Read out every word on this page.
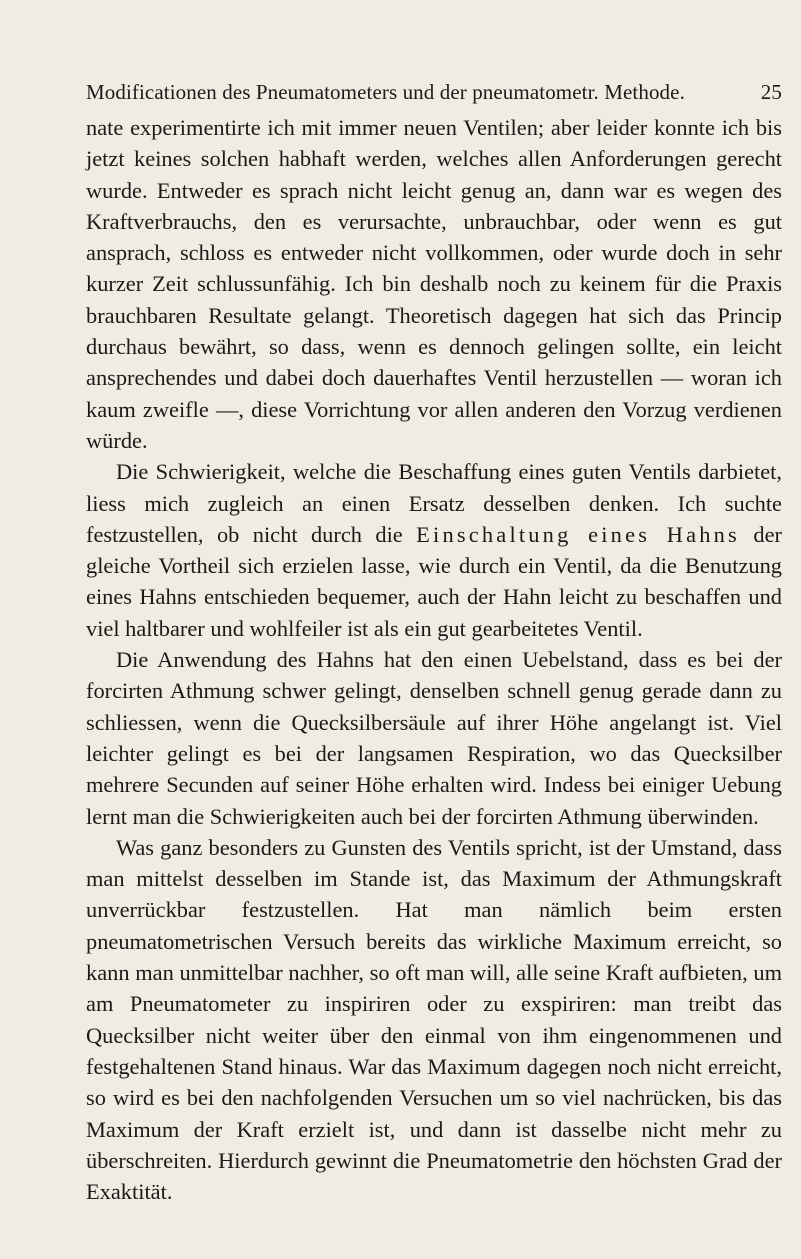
Modificationen des Pneumatometers und der pneumatometr. Methode.	25

nate experimentirte ich mit immer neuen Ventilen; aber leider konnte ich bis jetzt keines solchen habhaft werden, welches allen Anforderungen gerecht wurde. Entweder es sprach nicht leicht genug an, dann war es wegen des Kraftverbrauchs, den es verursachte, unbrauchbar, oder wenn es gut ansprach, schloss es entweder nicht vollkommen, oder wurde doch in sehr kurzer Zeit schlussunfähig. Ich bin deshalb noch zu keinem für die Praxis brauchbaren Resultate gelangt. Theoretisch dagegen hat sich das Princip durchaus bewährt, so dass, wenn es dennoch gelingen sollte, ein leicht ansprechendes und dabei doch dauerhaftes Ventil herzustellen — woran ich kaum zweifle —, diese Vorrichtung vor allen anderen den Vorzug verdienen würde.

Die Schwierigkeit, welche die Beschaffung eines guten Ventils darbietet, liess mich zugleich an einen Ersatz desselben denken. Ich suchte festzustellen, ob nicht durch die Einschaltung eines Hahns der gleiche Vortheil sich erzielen lasse, wie durch ein Ventil, da die Benutzung eines Hahns entschieden bequemer, auch der Hahn leicht zu beschaffen und viel haltbarer und wohlfeiler ist als ein gut gearbeitetes Ventil.

Die Anwendung des Hahns hat den einen Uebelstand, dass es bei der forcirten Athmung schwer gelingt, denselben schnell genug gerade dann zu schliessen, wenn die Quecksilbersäule auf ihrer Höhe angelangt ist. Viel leichter gelingt es bei der langsamen Respiration, wo das Quecksilber mehrere Secunden auf seiner Höhe erhalten wird. Indess bei einiger Uebung lernt man die Schwierigkeiten auch bei der forcirten Athmung überwinden.

Was ganz besonders zu Gunsten des Ventils spricht, ist der Umstand, dass man mittelst desselben im Stande ist, das Maximum der Athmungskraft unverrückbar festzustellen. Hat man nämlich beim ersten pneumatometrischen Versuch bereits das wirkliche Maximum erreicht, so kann man unmittelbar nachher, so oft man will, alle seine Kraft aufbieten, um am Pneumatometer zu inspiriren oder zu exspiriren: man treibt das Quecksilber nicht weiter über den einmal von ihm eingenommenen und festgehaltenen Stand hinaus. War das Maximum dagegen noch nicht erreicht, so wird es bei den nachfolgenden Versuchen um so viel nachrücken, bis das Maximum der Kraft erzielt ist, und dann ist dasselbe nicht mehr zu überschreiten. Hierdurch gewinnt die Pneumatometrie den höchsten Grad der Exaktität.
